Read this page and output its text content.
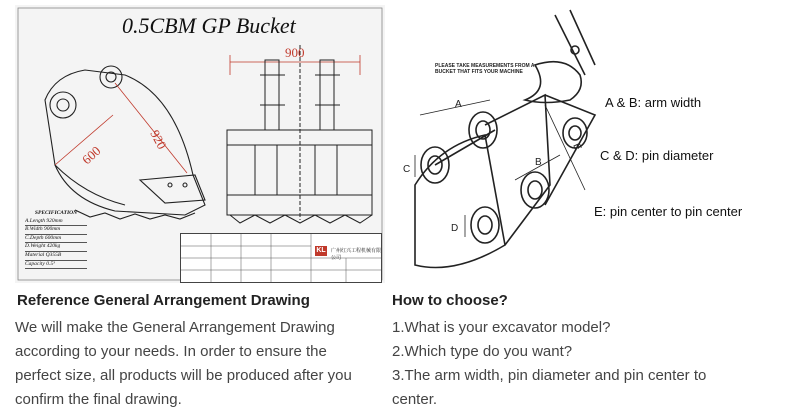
900
920
600
0.5CBM GP Bucket
SPECIFICATION
A.Length 920mm
B.Width 900mm
C.Depth 600mm
D.Weight 420kg
Material Q355B
Capacity 0.5³
KL 广州红兴工程机械有限公司
A
B
C
D
E
PLEASE TAKE MEASUREMENTS FROM A BUCKET THAT FITS YOUR MACHINE
A & B: arm width
C & D: pin diameter
E: pin center to pin center
Reference General Arrangement Drawing
We will make the General Arrangement Drawing
according to your needs. In order to ensure the
perfect size, all products will be produced after you
confirm the final drawing.
How to choose?
1.What is your excavator model?
2.Which type do you want?
3.The arm width, pin diameter and pin center to
center.
